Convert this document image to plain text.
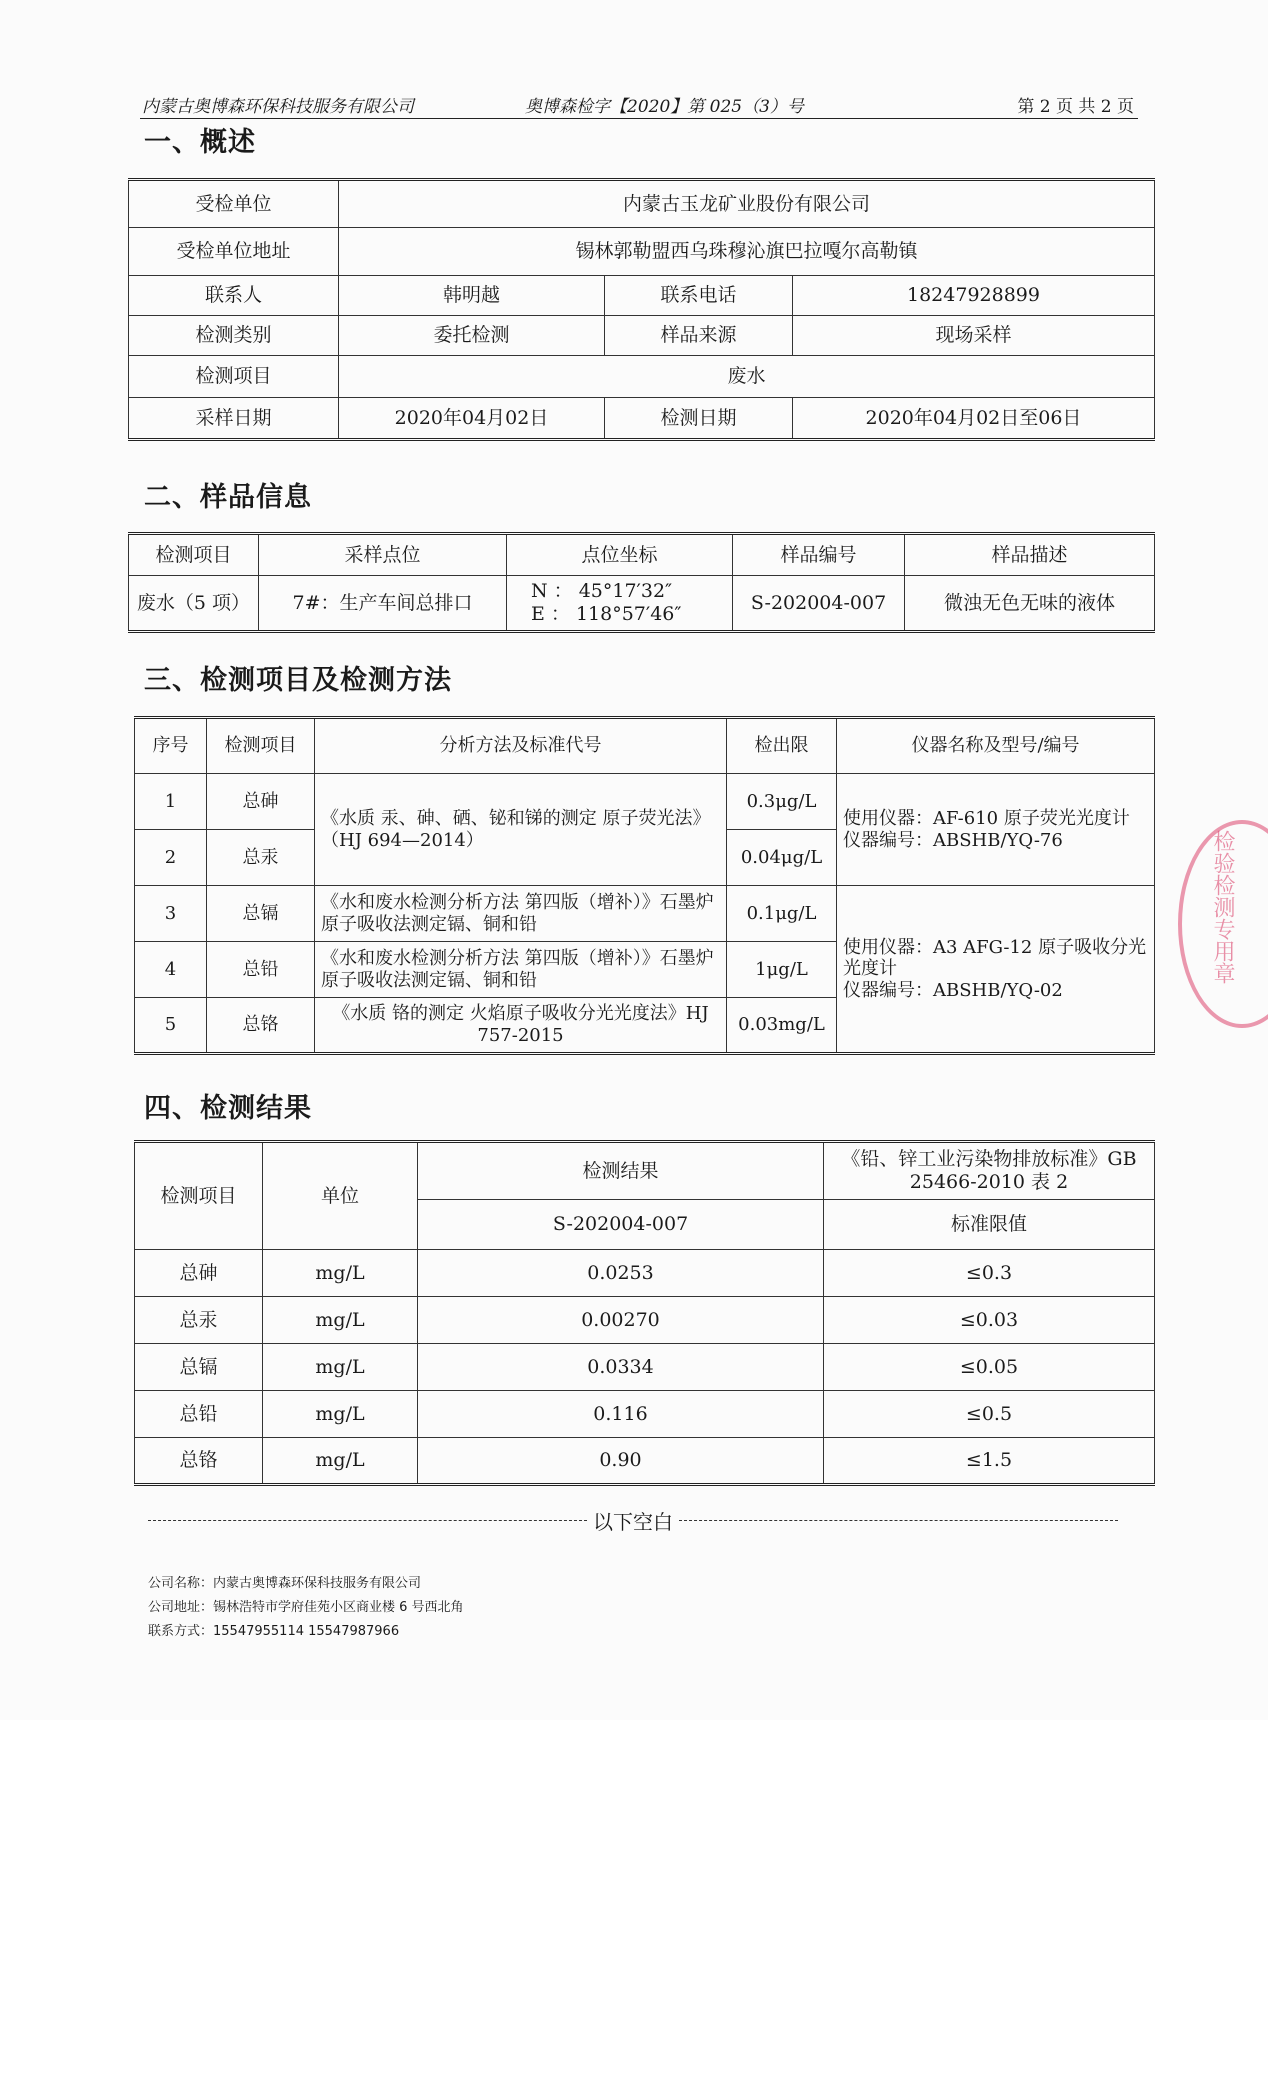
内蒙古奥博森环保科技服务有限公司	奥博森检字【2020】第 025（3）号	第 2 页 共 2 页
一、概述
受检单位	内蒙古玉龙矿业股份有限公司		
受检单位地址	锡林郭勒盟西乌珠穆沁旗巴拉嘎尔高勒镇		
联系人	韩明越	联系电话	18247928899
检测类别	委托检测	样品来源	现场采样
检测项目	废水		
采样日期	2020年04月02日	检测日期	2020年04月02日至06日
二、样品信息
检测项目	采样点位	点位坐标	样品编号	样品描述
废水（5 项）	7#：生产车间总排口	N ： 45°17′32″
E ： 118°57′46″	S-202004-007	微浊无色无味的液体
三、检测项目及检测方法
序号	检测项目	分析方法及标准代号	检出限	仪器名称及型号/编号
1	总砷	《水质 汞、砷、硒、铋和锑的测定 原子荧光法》（HJ 694—2014）	0.3μg/L	使用仪器：AF-610 原子荧光光度计
仪器编号：ABSHB/YQ-76

2	总汞		0.04μg/L	
3	总镉	《水和废水检测分析方法 第四版（增补）》石墨炉原子吸收法测定镉、铜和铅	0.1μg/L	使用仪器：A3 AFG-12 原子吸收分光光度计
仪器编号：ABSHB/YQ-02

4	总铅	《水和废水检测分析方法 第四版（增补）》石墨炉原子吸收法测定镉、铜和铅	1μg/L	
5	总铬	《水质 铬的测定 火焰原子吸收分光光度法》HJ 757-2015	0.03mg/L	
四、检测结果
检测项目	单位	检测结果	《铅、锌工业污染物排放标准》GB 25466-2010 表 2
		S-202004-007	标准限值
总砷	mg/L	0.0253	≤0.3
总汞	mg/L	0.00270	≤0.03
总镉	mg/L	0.0334	≤0.05
总铅	mg/L	0.116	≤0.5
总铬	mg/L	0.90	≤1.5
以下空白
公司名称：内蒙古奥博森环保科技服务有限公司
公司地址：锡林浩特市学府佳苑小区商业楼 6 号西北角
联系方式：15547955114 15547987966
检验检测专用章
